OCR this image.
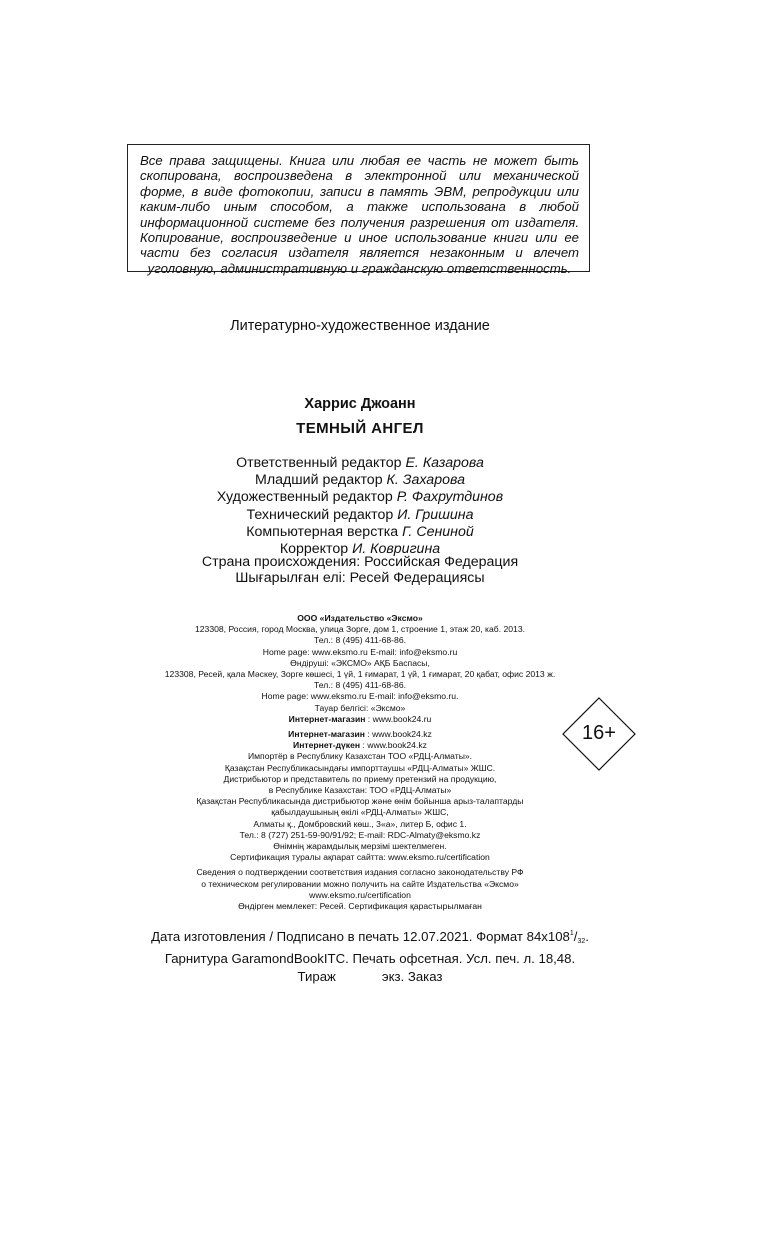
Все права защищены. Книга или любая ее часть не может быть скопирована, воспроизведена в электронной или механической форме, в виде фотокопии, записи в память ЭВМ, репродукции или каким-либо иным способом, а также использована в любой информационной системе без получения разрешения от издателя. Копирование, воспроизведение и иное использование книги или ее части без согласия издателя является незаконным и влечет уголовную, административную и гражданскую ответственность.
Литературно-художественное издание
Харрис Джоанн
ТЕМНЫЙ АНГЕЛ
Ответственный редактор Е. Казарова
Младший редактор К. Захарова
Художественный редактор Р. Фахрутдинов
Технический редактор И. Гришина
Компьютерная верстка Г. Сениной
Корректор И. Ковригина
Страна происхождения: Российская Федерация
Шығарылған елі: Ресей Федерациясы
ООО «Издательство «Эксмо»
123308, Россия, город Москва, улица Зорге, дом 1, строение 1, этаж 20, каб. 2013.
Тел.: 8 (495) 411-68-86.
Home page: www.eksmo.ru E-mail: info@eksmo.ru
Өндіруші: «ЭКСМО» АҚБ Баспасы,
123308, Ресей, қала Мәскеу, Зорге көшесі, 1 үй, 1 ғимарат, 1 үй, 1 ғимарат, 20 қабат, офис 2013 ж.
Тел.: 8 (495) 411-68-86.
Home page: www.eksmo.ru E-mail: info@eksmo.ru.
Тауар белгісі: «Эксмо»
Интернет-магазин : www.book24.ru
Интернет-магазин : www.book24.kz
Интернет-дүкен : www.book24.kz
Импортёр в Республику Казахстан ТОО «РДЦ-Алматы».
Қазақстан Республикасындағы импорттаушы «РДЦ-Алматы» ЖШС.
Дистрибьютор и представитель по приему претензий на продукцию,
в Республике Казахстан: ТОО «РДЦ-Алматы»
Қазақстан Республикасында дистрибьютор және өнім бойынша арыз-талаптарды
қабылдаушының өкілі «РДЦ-Алматы» ЖШС,
Алматы қ., Домбровский көш., 3«а», литер Б, офис 1.
Тел.: 8 (727) 251-59-90/91/92; E-mail: RDC-Almaty@eksmo.kz
Өнімнің жарамдылық мерзімі шектелмеген.
Сертификация туралы ақпарат сайтта: www.eksmo.ru/certification
Сведения о подтверждении соответствия издания согласно законодательству РФ
о техническом регулировании можно получить на сайте Издательства «Эксмо»
www.eksmo.ru/certification
Өндірген мемлекет: Ресей. Сертификация қарастырылмаған
16+
Дата изготовления / Подписано в печать 12.07.2021. Формат $84х108^1/_{32}$.
Гарнитура GaramondBookITC. Печать офсетная. Усл. печ. л. 18,48.
Тираж	экз. Заказ
